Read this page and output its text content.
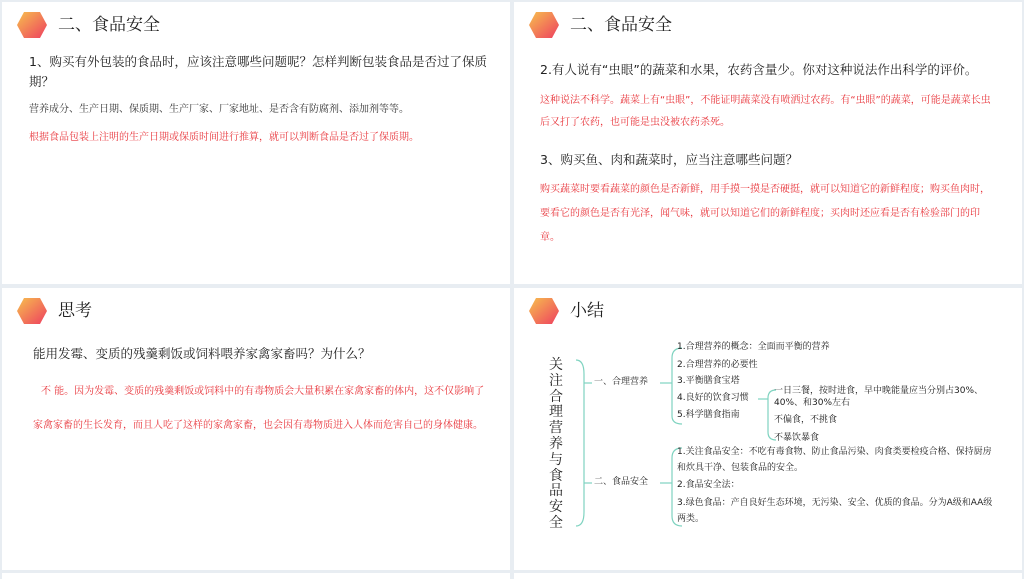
二、食品安全
1、购买有外包装的食品时，应该注意哪些问题呢？怎样判断包装食品是否过了保质期？
营养成分、生产日期、保质期、生产厂家、厂家地址、是否含有防腐剂、添加剂等等。
根据食品包装上注明的生产日期或保质时间进行推算，就可以判断食品是否过了保质期。
二、食品安全
2.有人说有“虫眼”的蔬菜和水果，农药含量少。你对这种说法作出科学的评价。
这种说法不科学。蔬菜上有“虫眼”，不能证明蔬菜没有喷洒过农药。有“虫眼”的蔬菜，可能是蔬菜长虫后又打了农药，也可能是虫没被农药杀死。
3、购买鱼、肉和蔬菜时，应当注意哪些问题？
购买蔬菜时要看蔬菜的颜色是否新鲜，用手摸一摸是否硬挺，就可以知道它的新鲜程度；购买鱼肉时，要看它的颜色是否有光泽，闻气味，就可以知道它们的新鲜程度；买肉时还应看是否有检验部门的印章。
思考
能用发霉、变质的残羹剩饭或饲料喂养家禽家畜吗？为什么？
不 能。因为发霉、变质的残羹剩饭或饲料中的有毒物质会大量积累在家禽家畜的体内，这不仅影响了家禽家畜的生长发育，而且人吃了这样的家禽家畜，也会因有毒物质进入人体而危害自己的身体健康。
小结
关注合理营养与食品安全
一、合理营养
1.合理营养的概念：全面而平衡的营养
2.合理营养的必要性
3.平衡膳食宝塔
4.良好的饮食习惯
5.科学膳食指南
一日三餐，按时进食，早中晚能量应当分别占30%、40%、和30%左右
不偏食，不挑食
不暴饮暴食
二、食品安全
1.关注食品安全：不吃有毒食物、防止食品污染、肉食类要检疫合格、保持厨房和炊具干净、包装食品的安全。
2.食品安全法：
3.绿色食品：产自良好生态环境，无污染、安全、优质的食品。分为A级和AA级两类。
